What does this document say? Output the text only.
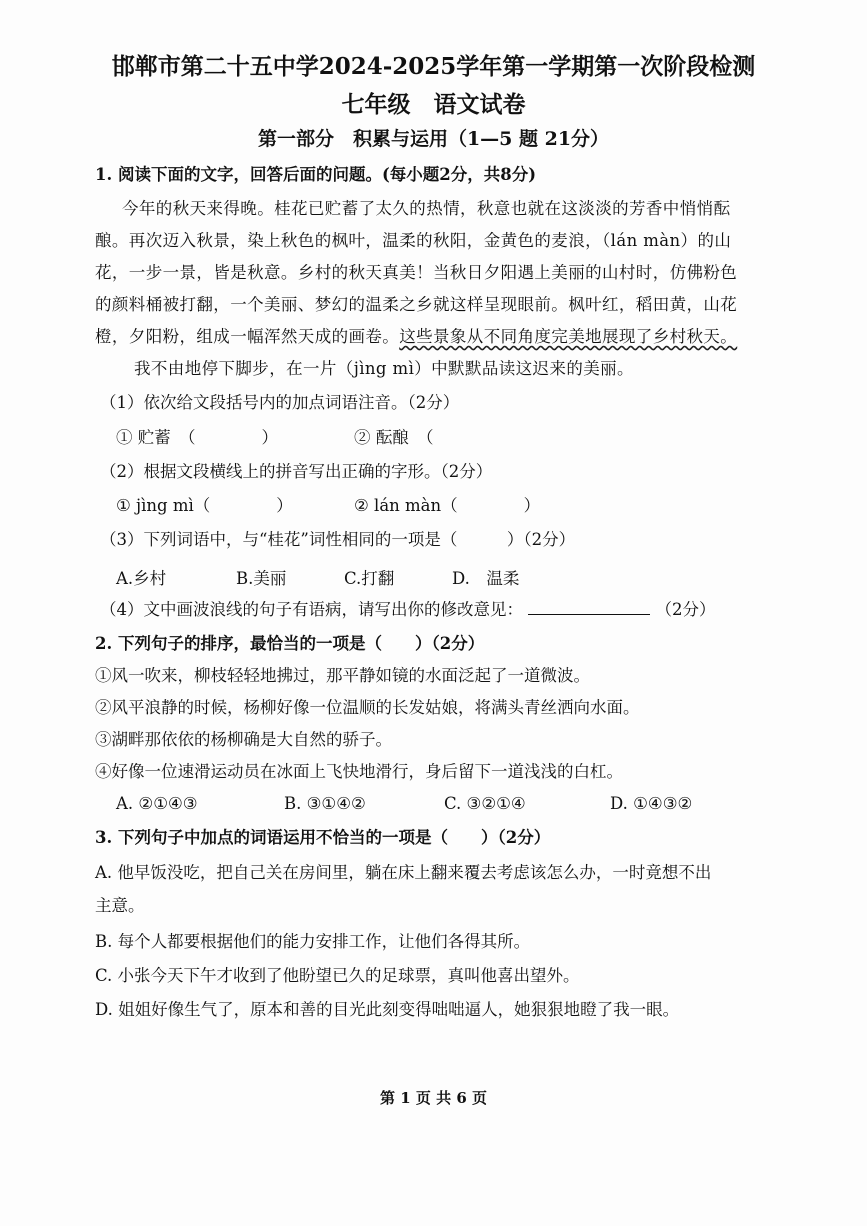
邯郸市第二十五中学2024-2025学年第一学期第一次阶段检测
七年级　语文试卷
第一部分　积累与运用（1—5 题 21分）
1. 阅读下面的文字，回答后面的问题。(每小题2分，共8分)
今年的秋天来得晚。桂花已贮蓄了太久的热情，秋意也就在这淡淡的芳香中悄悄酝
酿。再次迈入秋景，染上秋色的枫叶，温柔的秋阳，金黄色的麦浪，（lán màn）的山
花，一步一景，皆是秋意。乡村的秋天真美！当秋日夕阳遇上美丽的山村时，仿佛粉色
的颜料桶被打翻，一个美丽、梦幻的温柔之乡就这样呈现眼前。枫叶红，稻田黄，山花
橙，夕阳粉，组成一幅浑然天成的画卷。这些景象从不同角度完美地展现了乡村秋天。
我不由地停下脚步，在一片（jìng mì）中默默品读这迟来的美丽。
（1）依次给文段括号内的加点词语注音。（2分）
① 贮蓄　（　　　　）	② 酝酿　（
（2）根据文段横线上的拼音写出正确的字形。（2分）
① jìng mì（　　　　）	② lán màn（　　　　）
（3）下列词语中，与“桂花”词性相同的一项是（　　　）（2分）
A.乡村	B.美丽	C.打翻	D.　温柔
（4）文中画波浪线的句子有语病，请写出你的修改意见：	（2分）
2. 下列句子的排序，最恰当的一项是（　　）（2分）
①风一吹来，柳枝轻轻地拂过，那平静如镜的水面泛起了一道微波。
②风平浪静的时候，杨柳好像一位温顺的长发姑娘，将满头青丝洒向水面。
③湖畔那依依的杨柳确是大自然的骄子。
④好像一位速滑运动员在冰面上飞快地滑行，身后留下一道浅浅的白杠。
A. ②①④③	B. ③①④②	C. ③②①④	D. ①④③②
3. 下列句子中加点的词语运用不恰当的一项是（　　）（2分）
A. 他早饭没吃，把自己关在房间里，躺在床上翻来覆去考虑该怎么办，一时竟想不出
主意。
B. 每个人都要根据他们的能力安排工作，让他们各得其所。
C. 小张今天下午才收到了他盼望已久的足球票，真叫他喜出望外。
D. 姐姐好像生气了，原本和善的目光此刻变得咄咄逼人，她狠狠地瞪了我一眼。
第 1 页 共 6 页
